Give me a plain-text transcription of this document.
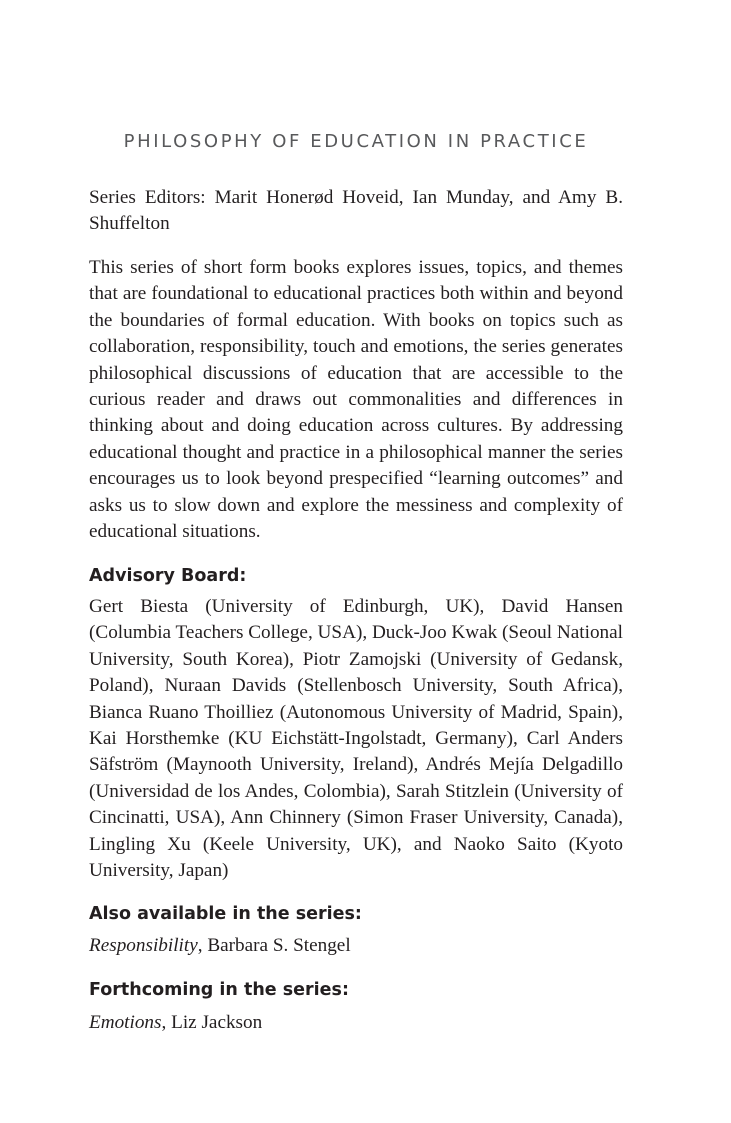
PHILOSOPHY OF EDUCATION IN PRACTICE

Series Editors: Marit Honerød Hoveid, Ian Munday, and Amy B. Shuffelton

This series of short form books explores issues, topics, and themes that are foundational to educational practices both within and beyond the boundaries of formal education. With books on topics such as collaboration, responsibility, touch and emotions, the series generates philosophical discussions of education that are accessible to the curious reader and draws out commonalities and differences in thinking about and doing education across cultures. By addressing educational thought and practice in a philosophical manner the series encourages us to look beyond prespecified “learning outcomes” and asks us to slow down and explore the messiness and complexity of educational situations.

Advisory Board:

Gert Biesta (University of Edinburgh, UK), David Hansen (Columbia Teachers College, USA), Duck-Joo Kwak (Seoul National University, South Korea), Piotr Zamojski (University of Gedansk, Poland), Nuraan Davids (Stellenbosch University, South Africa), Bianca Ruano Thoilliez (Autonomous University of Madrid, Spain), Kai Horsthemke (KU Eichstätt-Ingolstadt, Germany), Carl Anders Säfström (Maynooth University, Ireland), Andrés Mejía Delgadillo (Universidad de los Andes, Colombia), Sarah Stitzlein (University of Cincinatti, USA), Ann Chinnery (Simon Fraser University, Canada), Lingling Xu (Keele University, UK), and Naoko Saito (Kyoto University, Japan)

Also available in the series:

Responsibility, Barbara S. Stengel

Forthcoming in the series:

Emotions, Liz Jackson
